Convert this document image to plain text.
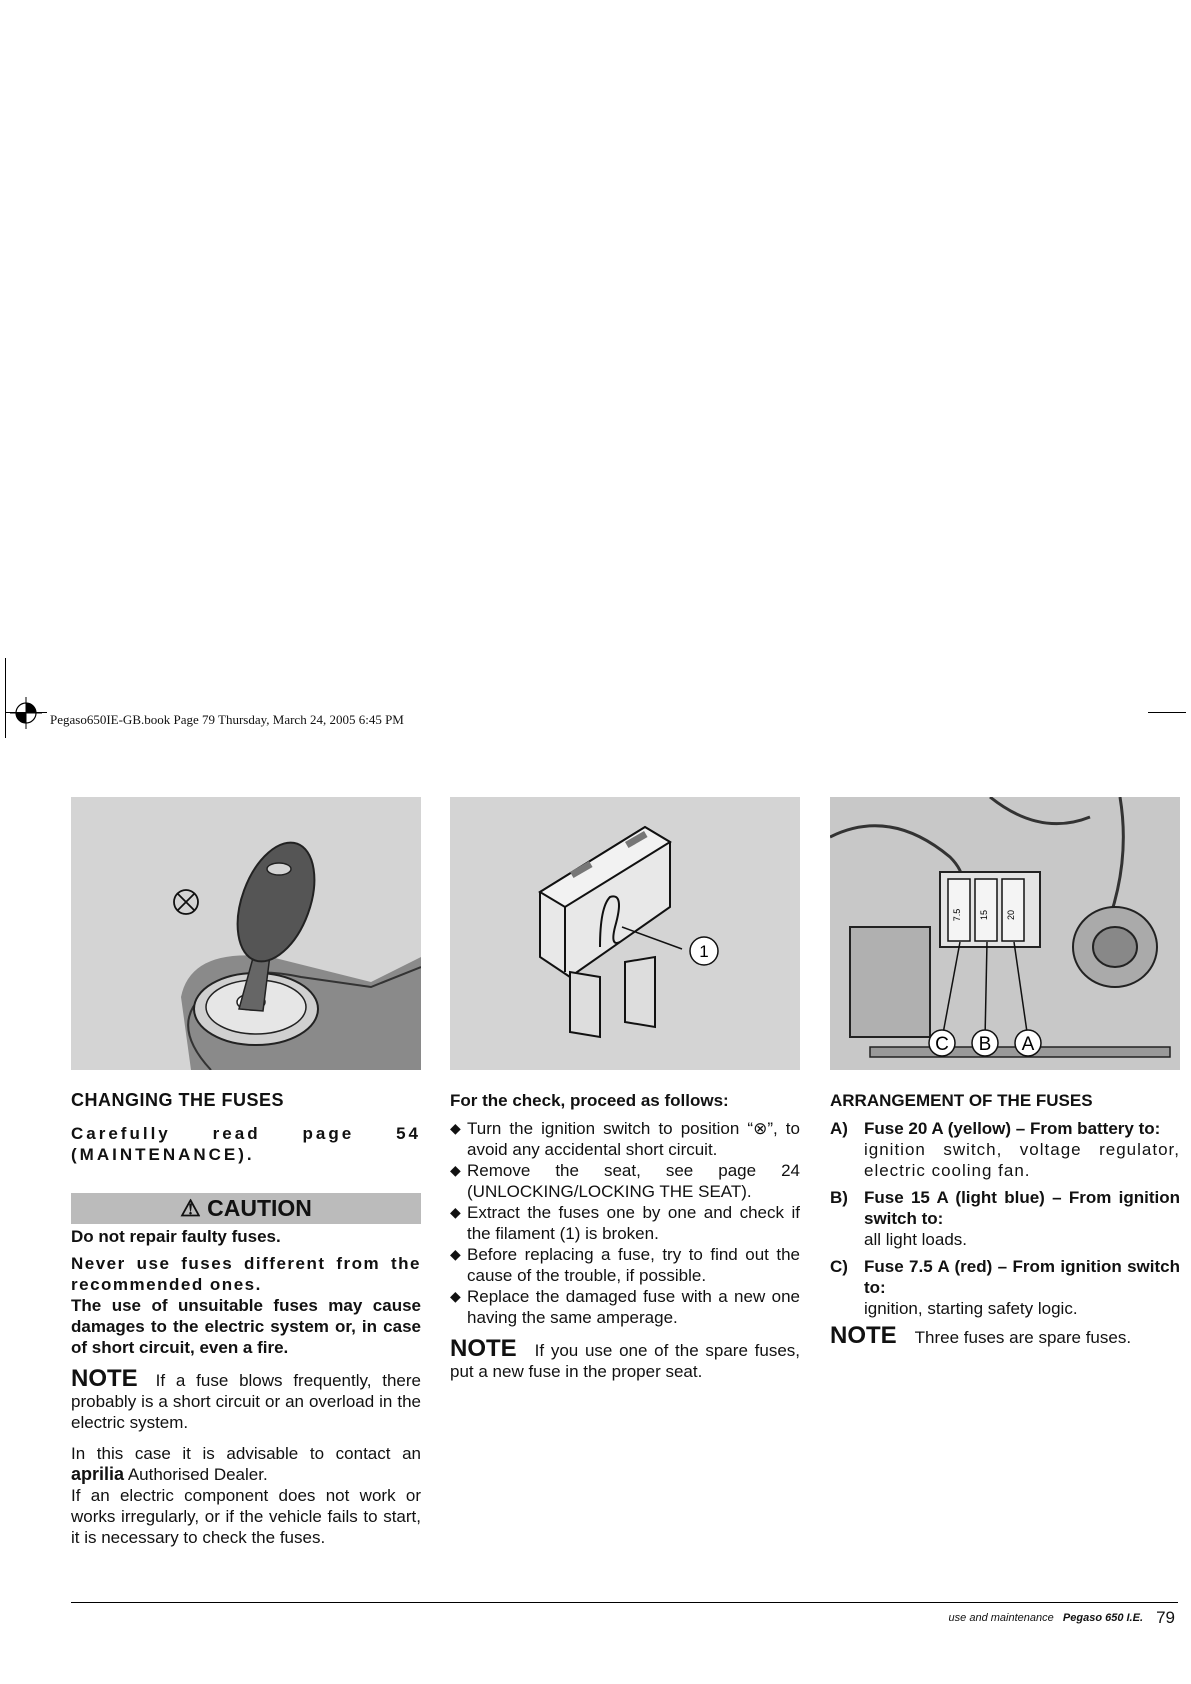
Pegaso650IE-GB.book Page 79 Thursday, March 24, 2005 6:45 PM
1
7.5 15 20
C B A
CHANGING THE FUSES
Carefully read page 54 (MAINTENANCE).
⚠ CAUTION
Do not repair faulty fuses.
Never use fuses different from the recommended ones.
The use of unsuitable fuses may cause damages to the electric system or, in case of short circuit, even a fire.
NOTE If a fuse blows frequently, there probably is a short circuit or an overload in the electric system.
In this case it is advisable to contact an aprilia Authorised Dealer.
If an electric component does not work or works irregularly, or if the vehicle fails to start, it is necessary to check the fuses.
For the check, proceed as follows:
◆ Turn the ignition switch to position “⊗”, to avoid any accidental short circuit.
◆ Remove the seat, see page 24 (UNLOCKING/LOCKING THE SEAT).
◆ Extract the fuses one by one and check if the filament (1) is broken.
◆ Before replacing a fuse, try to find out the cause of the trouble, if possible.
◆ Replace the damaged fuse with a new one having the same amperage.
NOTE If you use one of the spare fuses, put a new fuse in the proper seat.
ARRANGEMENT OF THE FUSES
A) Fuse 20 A (yellow) – From battery to:
ignition switch, voltage regulator, electric cooling fan.
B) Fuse 15 A (light blue) – From ignition switch to:
all light loads.
C) Fuse 7.5 A (red) – From ignition switch to:
ignition, starting safety logic.
NOTE Three fuses are spare fuses.
use and maintenance Pegaso 650 I.E. 79
